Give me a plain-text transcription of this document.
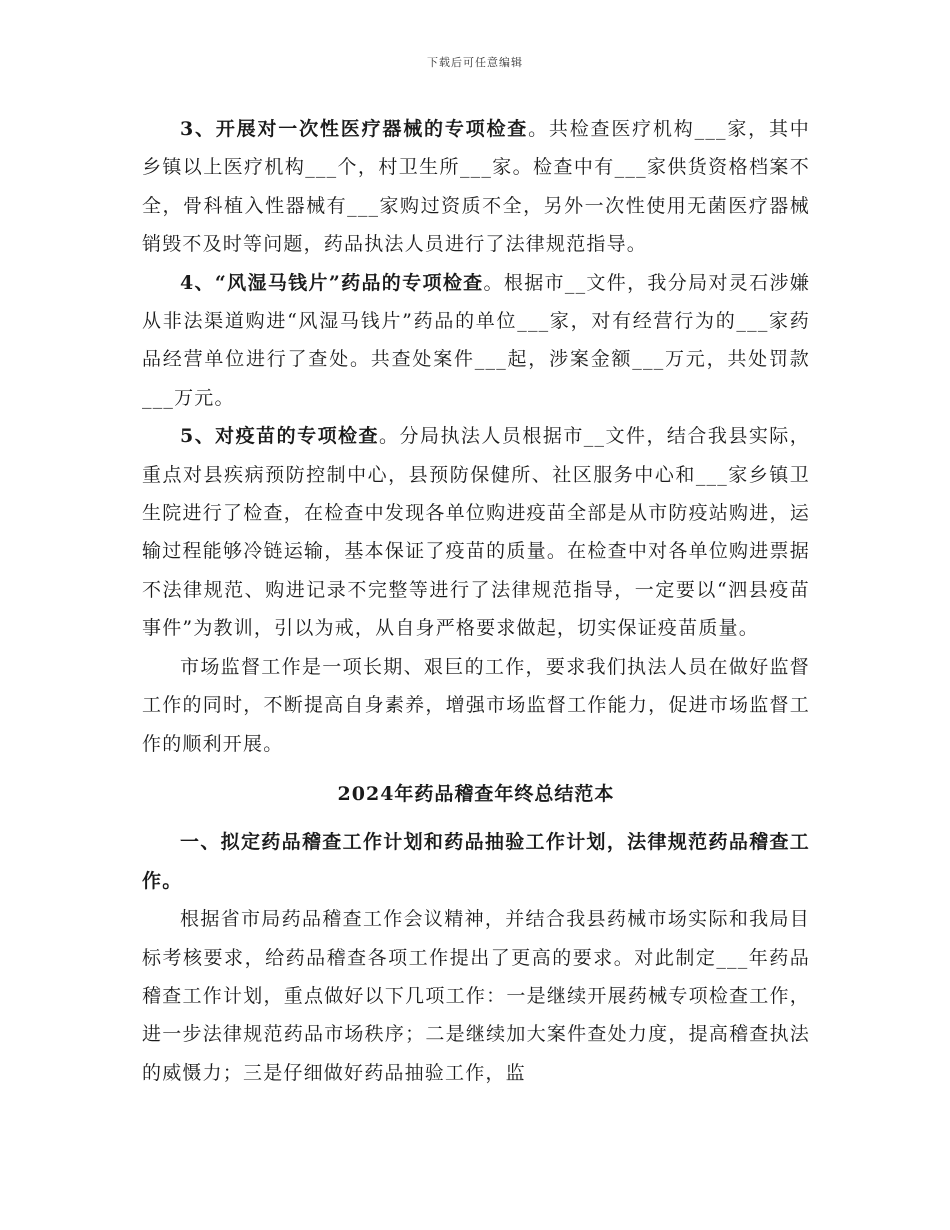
下载后可任意编辑

3、开展对一次性医疗器械的专项检查。共检查医疗机构___家，其中乡镇以上医疗机构___个，村卫生所___家。检查中有___家供货资格档案不全，骨科植入性器械有___家购过资质不全，另外一次性使用无菌医疗器械销毁不及时等问题，药品执法人员进行了法律规范指导。

4、“风湿马钱片”药品的专项检查。根据市__文件，我分局对灵石涉嫌从非法渠道购进“风湿马钱片”药品的单位___家，对有经营行为的___家药品经营单位进行了查处。共查处案件___起，涉案金额___万元，共处罚款___万元。

5、对疫苗的专项检查。分局执法人员根据市__文件，结合我县实际，重点对县疾病预防控制中心，县预防保健所、社区服务中心和___家乡镇卫生院进行了检查，在检查中发现各单位购进疫苗全部是从市防疫站购进，运输过程能够冷链运输，基本保证了疫苗的质量。在检查中对各单位购进票据不法律规范、购进记录不完整等进行了法律规范指导，一定要以“泗县疫苗事件”为教训，引以为戒，从自身严格要求做起，切实保证疫苗质量。

市场监督工作是一项长期、艰巨的工作，要求我们执法人员在做好监督工作的同时，不断提高自身素养，增强市场监督工作能力，促进市场监督工作的顺利开展。

2024年药品稽查年终总结范本

一、拟定药品稽查工作计划和药品抽验工作计划，法律规范药品稽查工作。

根据省市局药品稽查工作会议精神，并结合我县药械市场实际和我局目标考核要求，给药品稽查各项工作提出了更高的要求。对此制定___年药品稽查工作计划，重点做好以下几项工作：一是继续开展药械专项检查工作，进一步法律规范药品市场秩序；二是继续加大案件查处力度，提高稽查执法的威慑力；三是仔细做好药品抽验工作，监
